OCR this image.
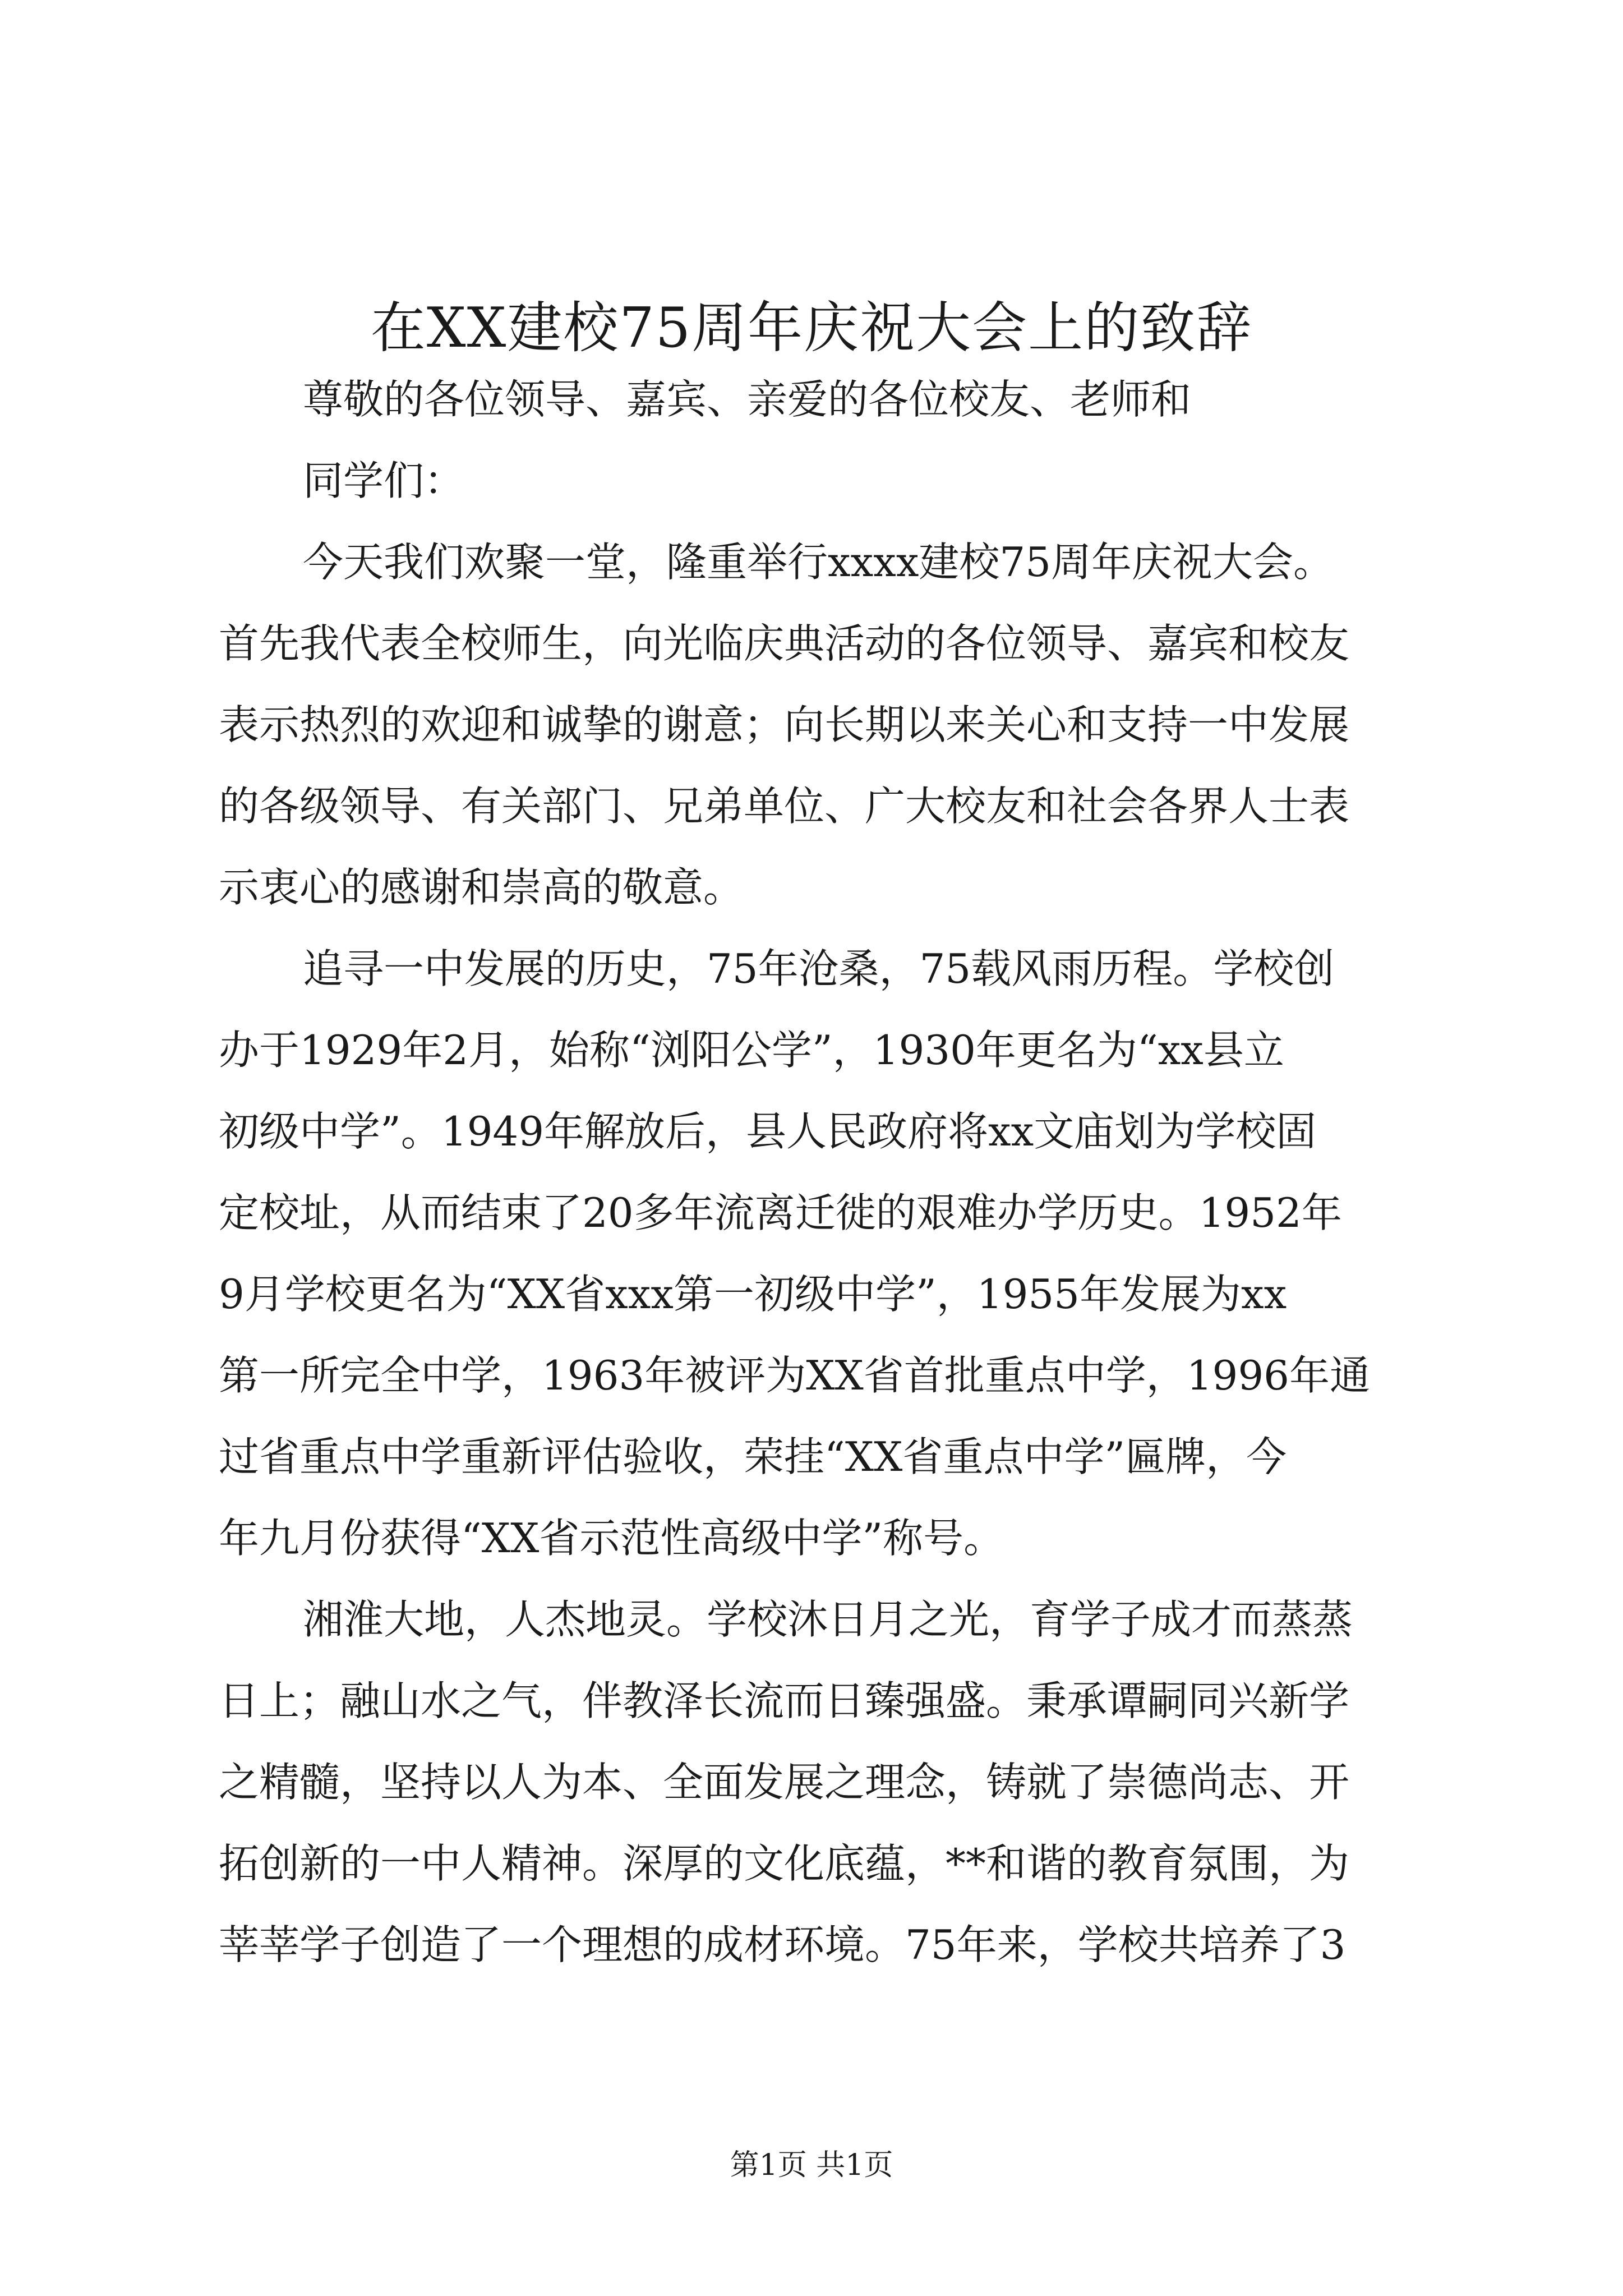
在XX建校75周年庆祝大会上的致辞
尊敬的各位领导、嘉宾、亲爱的各位校友、老师和
同学们：
今天我们欢聚一堂，隆重举行xxxx建校75周年庆祝大会。
首先我代表全校师生，向光临庆典活动的各位领导、嘉宾和校友
表示热烈的欢迎和诚挚的谢意；向长期以来关心和支持一中发展
的各级领导、有关部门、兄弟单位、广大校友和社会各界人士表
示衷心的感谢和崇高的敬意。
追寻一中发展的历史，75年沧桑，75载风雨历程。学校创
办于1929年2月，始称“浏阳公学”，1930年更名为“xx县立
初级中学”。1949年解放后，县人民政府将xx文庙划为学校固
定校址，从而结束了20多年流离迁徙的艰难办学历史。1952年
9月学校更名为“XX省xxx第一初级中学”，1955年发展为xx
第一所完全中学，1963年被评为XX省首批重点中学，1996年通
过省重点中学重新评估验收，荣挂“XX省重点中学”匾牌，今
年九月份获得“XX省示范性高级中学”称号。
湘淮大地，人杰地灵。学校沐日月之光，育学子成才而蒸蒸
日上；融山水之气，伴教泽长流而日臻强盛。秉承谭嗣同兴新学
之精髓，坚持以人为本、全面发展之理念，铸就了崇德尚志、开
拓创新的一中人精神。深厚的文化底蕴，**和谐的教育氛围，为
莘莘学子创造了一个理想的成材环境。75年来，学校共培养了3
第1页 共1页
